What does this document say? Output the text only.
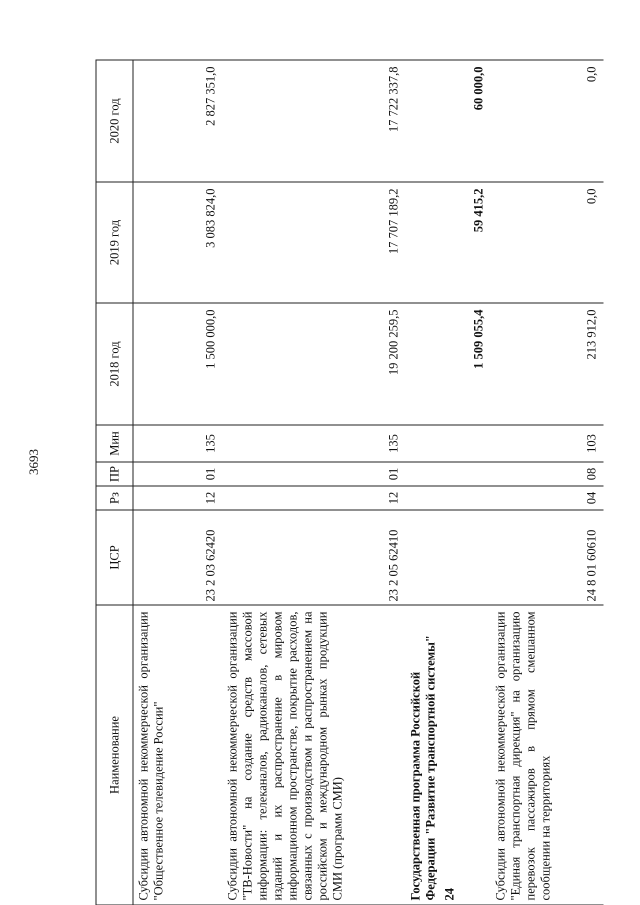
3693
Наименование	ЦСР	Рз	ПР	Мин	2018 год	2019 год	2020 год
Субсидии автономной некоммерческой организации "Общественное телевидение России"	23 2 03 62420	12	01	135	1 500 000,0	3 083 824,0	2 827 351,0
Субсидии автономной некоммерческой организации "ТВ-Новости" на создание средств массовой информации: телеканалов, радиоканалов, сетевых изданий и их распространение в мировом информационном пространстве, покрытие расходов, связанных с производством и распространением на российском и международном рынках продукции СМИ (программ СМИ)	23 2 05 62410	12	01	135	19 200 259,5	17 707 189,2	17 722 337,8

Государственная программа Российской Федерации "Развитие транспортной системы" 24					1 509 055,4	59 415,2	60 000,0
Субсидии автономной некоммерческой организации "Единая транспортная дирекция" на организацию перевозок пассажиров в прямом смешанном сообщении на территориях	24 8 01 60610	04	08	103	213 912,0	0,0	0,0
